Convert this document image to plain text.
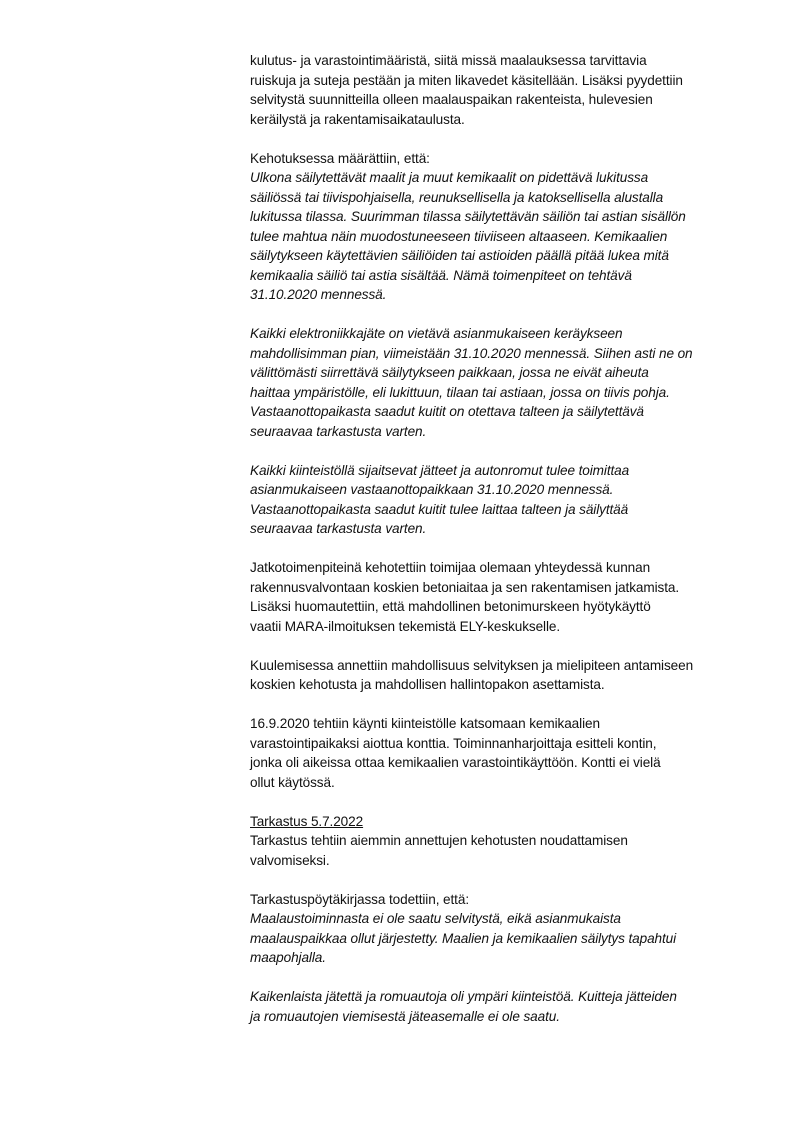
kulutus- ja varastointimääristä, siitä missä maalauksessa tarvittavia
ruiskuja ja suteja pestään ja miten likavedet käsitellään. Lisäksi pyydettiin
selvitystä suunnitteilla olleen maalauspaikan rakenteista, hulevesien
keräilystä ja rakentamisaikataulusta.

Kehotuksessa määrättiin, että:
Ulkona säilytettävät maalit ja muut kemikaalit on pidettävä lukitussa
säiliössä tai tiivispohjaisella, reunuksellisella ja katoksellisella alustalla
lukitussa tilassa. Suurimman tilassa säilytettävän säiliön tai astian sisällön
tulee mahtua näin muodostuneeseen tiiviiseen altaaseen. Kemikaalien
säilytykseen käytettävien säiliöiden tai astioiden päällä pitää lukea mitä
kemikaalia säiliö tai astia sisältää. Nämä toimenpiteet on tehtävä
31.10.2020 mennessä.

Kaikki elektroniikkajäte on vietävä asianmukaiseen keräykseen
mahdollisimman pian, viimeistään 31.10.2020 mennessä. Siihen asti ne on
välittömästi siirrettävä säilytykseen paikkaan, jossa ne eivät aiheuta
haittaa ympäristölle, eli lukittuun, tilaan tai astiaan, jossa on tiivis pohja.
Vastaanottopaikasta saadut kuitit on otettava talteen ja säilytettävä
seuraavaa tarkastusta varten.

Kaikki kiinteistöllä sijaitsevat jätteet ja autonromut tulee toimittaa
asianmukaiseen vastaanottopaikkaan 31.10.2020 mennessä.
Vastaanottopaikasta saadut kuitit tulee laittaa talteen ja säilyttää
seuraavaa tarkastusta varten.

Jatkotoimenpiteinä kehotettiin toimijaa olemaan yhteydessä kunnan
rakennusvalvontaan koskien betoniaitaa ja sen rakentamisen jatkamista.
Lisäksi huomautettiin, että mahdollinen betonimurskeen hyötykäyttö
vaatii MARA-ilmoituksen tekemistä ELY-keskukselle.

Kuulemisessa annettiin mahdollisuus selvityksen ja mielipiteen antamiseen
koskien kehotusta ja mahdollisen hallintopakon asettamista.

16.9.2020 tehtiin käynti kiinteistölle katsomaan kemikaalien
varastointipaikaksi aiottua konttia. Toiminnanharjoittaja esitteli kontin,
jonka oli aikeissa ottaa kemikaalien varastointikäyttöön. Kontti ei vielä
ollut käytössä.

Tarkastus 5.7.2022
Tarkastus tehtiin aiemmin annettujen kehotusten noudattamisen
valvomiseksi.

Tarkastuspöytäkirjassa todettiin, että:
Maalaustoiminnasta ei ole saatu selvitystä, eikä asianmukaista
maalauspaikkaa ollut järjestetty. Maalien ja kemikaalien säilytys tapahtui
maapohjalla.

Kaikenlaista jätettä ja romuautoja oli ympäri kiinteistöä. Kuitteja jätteiden
ja romuautojen viemisestä jäteasemalle ei ole saatu.
